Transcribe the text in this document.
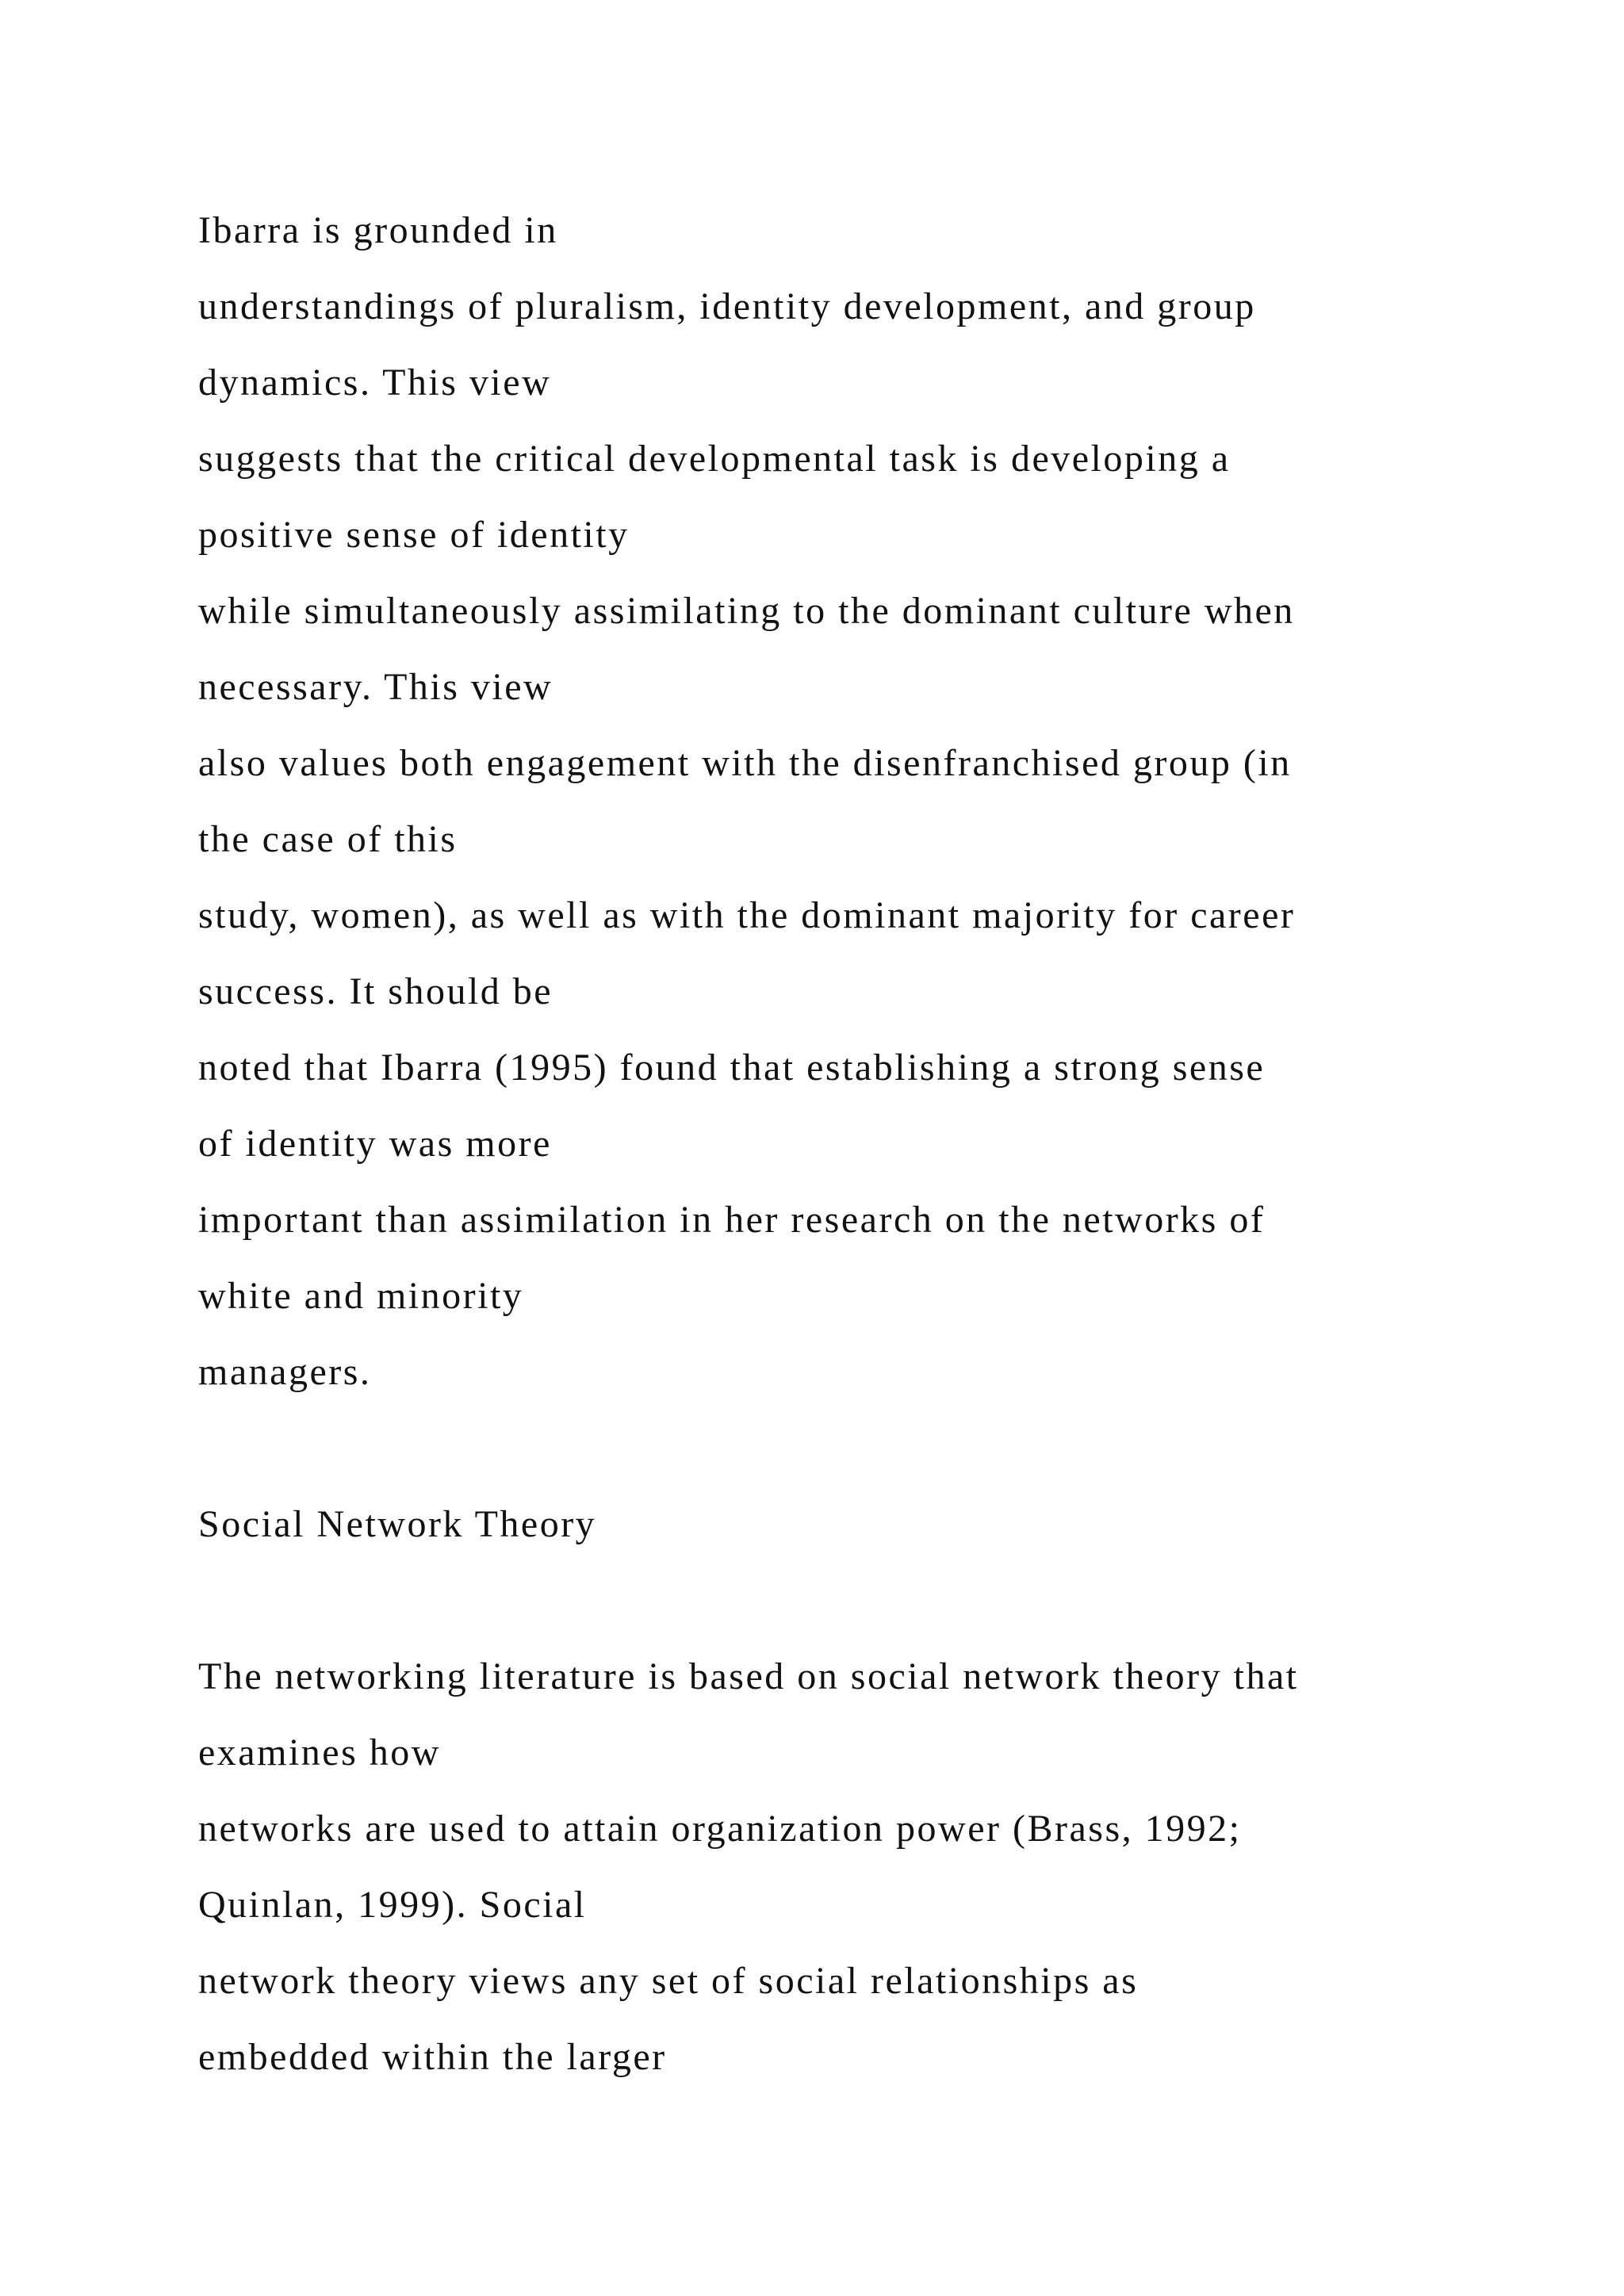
Ibarra is grounded in
understandings of pluralism, identity development, and group
dynamics. This view
suggests that the critical developmental task is developing a
positive sense of identity
while simultaneously assimilating to the dominant culture when
necessary. This view
also values both engagement with the disenfranchised group (in
the case of this
study, women), as well as with the dominant majority for career
success. It should be
noted that Ibarra (1995) found that establishing a strong sense
of identity was more
important than assimilation in her research on the networks of
white and minority
managers.
Social Network Theory
The networking literature is based on social network theory that
examines how
networks are used to attain organization power (Brass, 1992;
Quinlan, 1999). Social
network theory views any set of social relationships as
embedded within the larger
